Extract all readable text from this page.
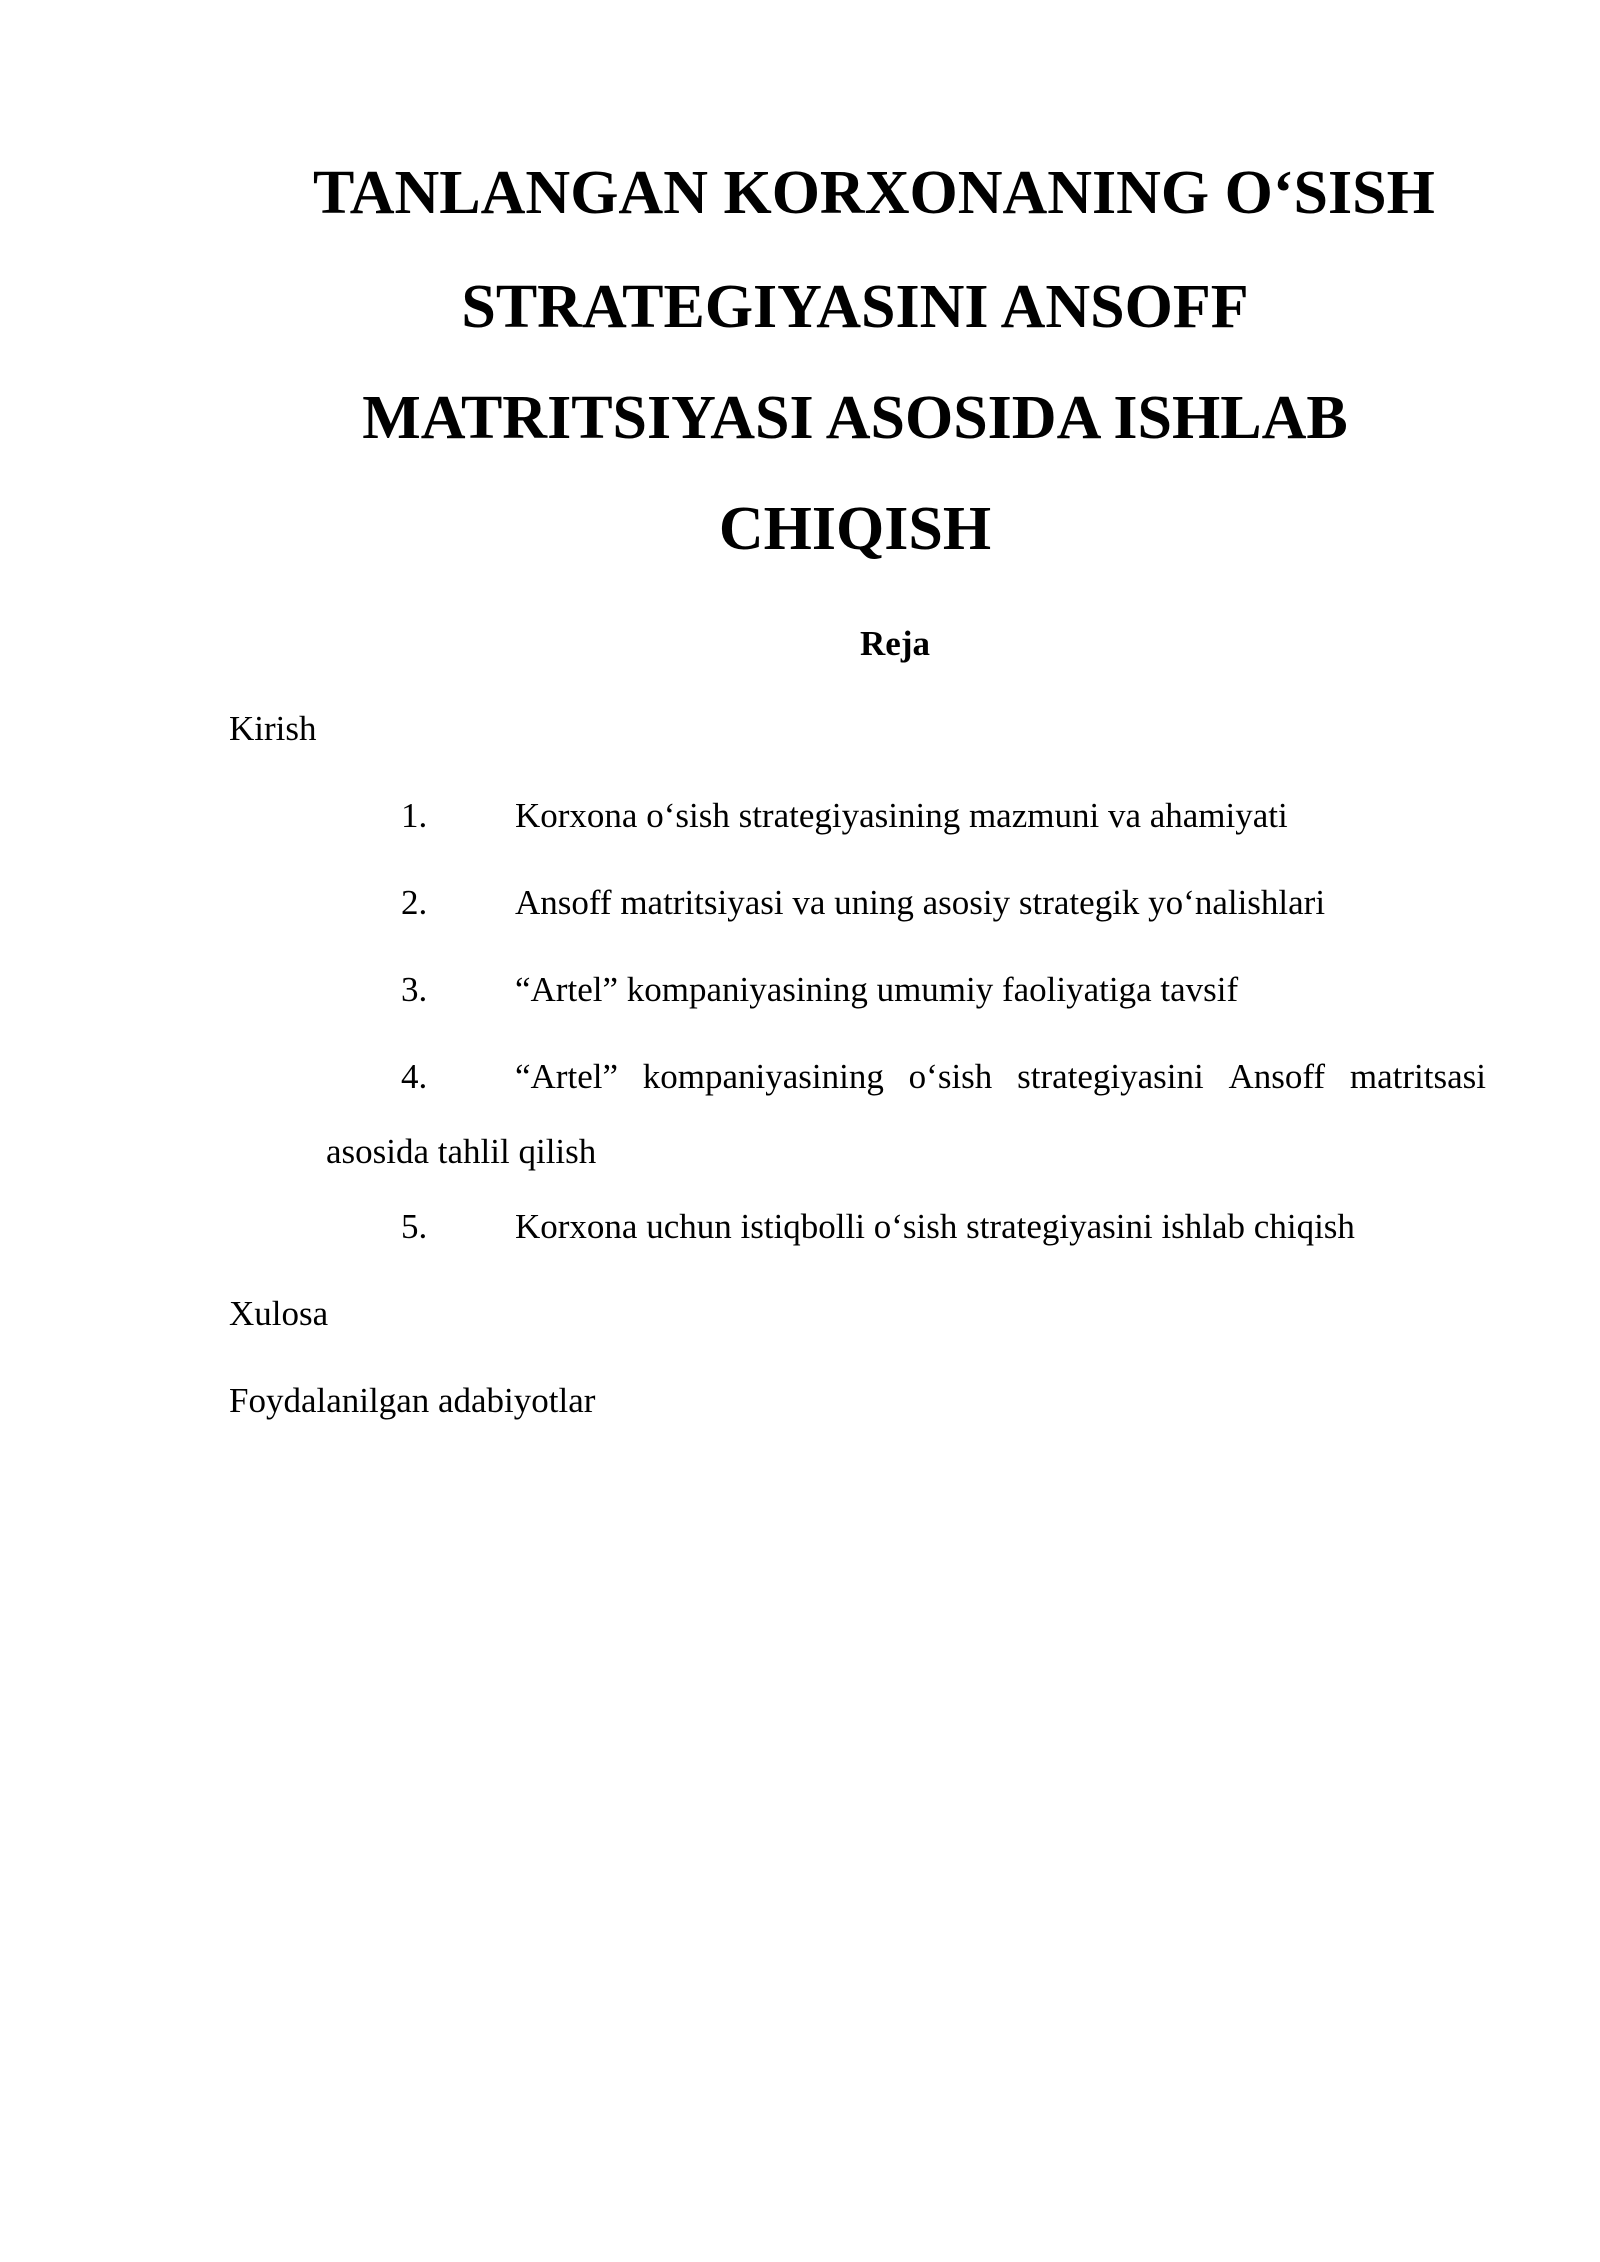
TANLANGAN KORXONANING O‘SISH
STRATEGIYASINI ANSOFF
MATRITSIYASI ASOSIDA ISHLAB
CHIQISH
Reja
Kirish
1.	Korxona o‘sish strategiyasining mazmuni va ahamiyati
2.	Ansoff matritsiyasi va uning asosiy strategik yo‘nalishlari
3.	“Artel” kompaniyasining umumiy faoliyatiga tavsif
4.	“Artel” kompaniyasining o‘sish strategiyasini Ansoff matritsasi
asosida tahlil qilish
5.	Korxona uchun istiqbolli o‘sish strategiyasini ishlab chiqish
Xulosa
Foydalanilgan adabiyotlar
